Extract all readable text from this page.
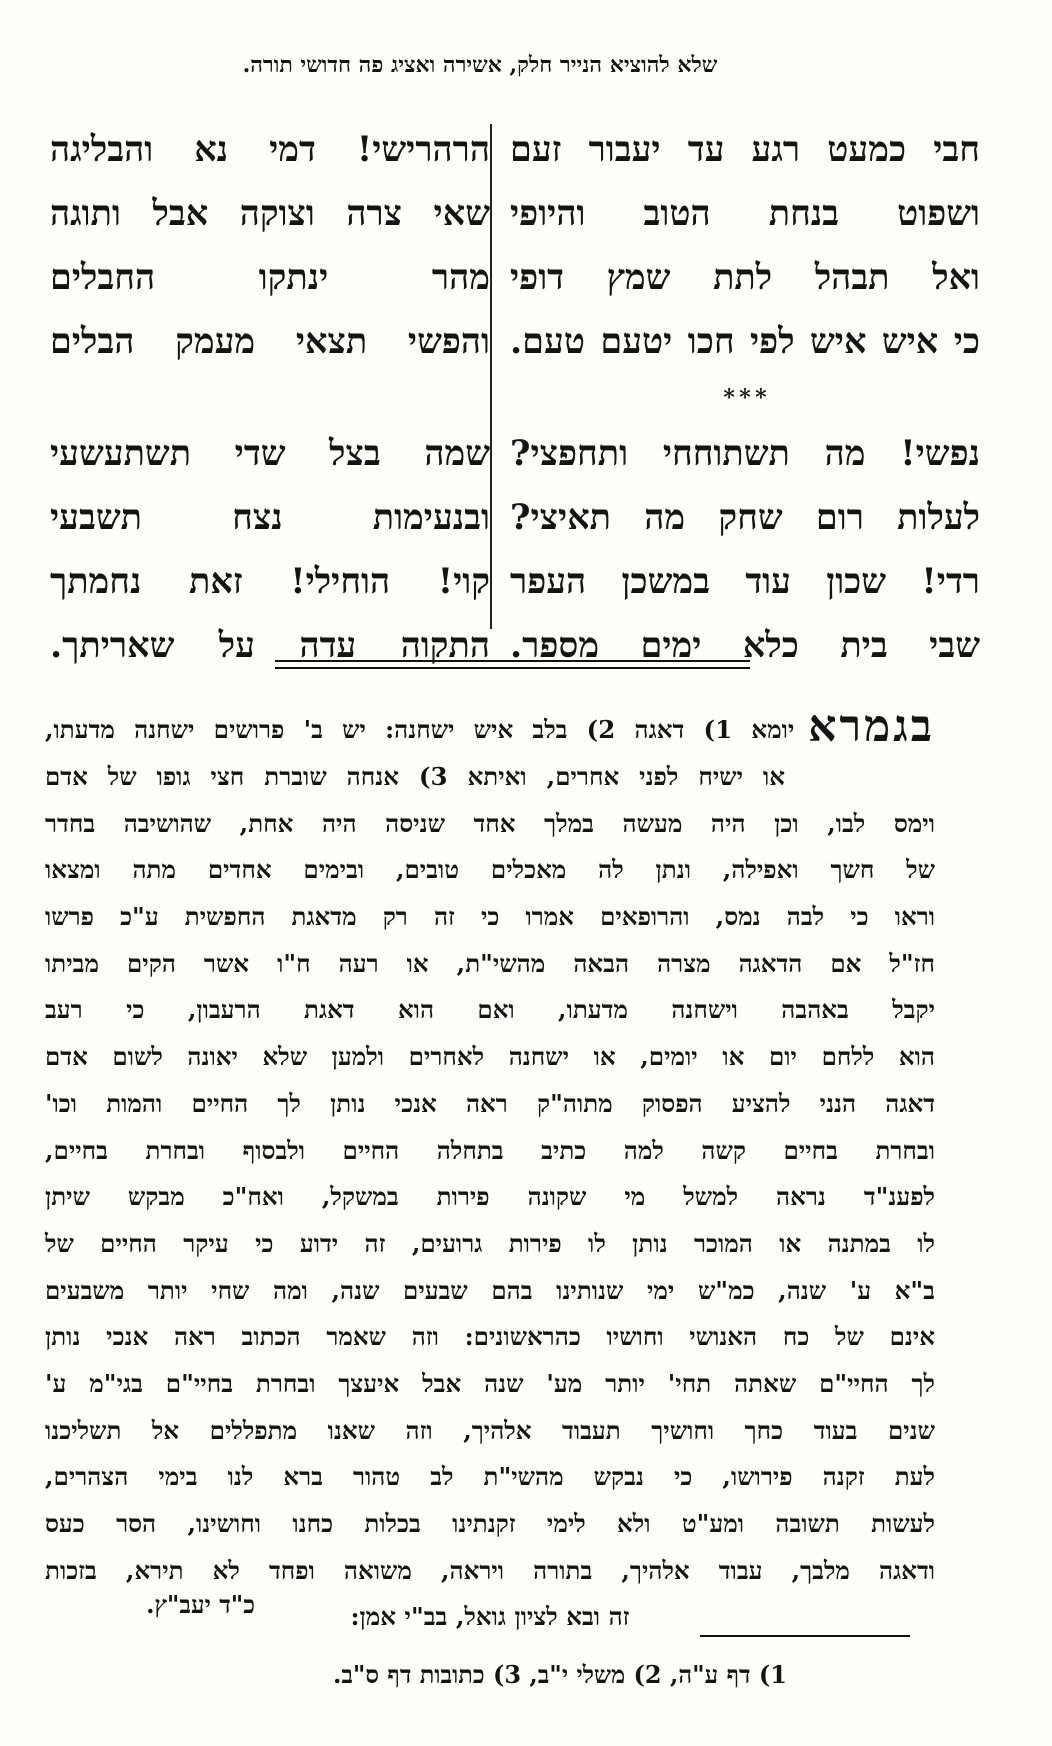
שלא להוציא הנייר חלק, אשירה ואציג פה חדושי תורה.
חבי כמעט רגע עד יעבור זעם
ושפוט בנחת הטוב והיופי
ואל תבהל לתת שמץ דופי
כי איש איש לפי חכו יטעם טעם.
* * *
נפשי! מה תשתוחחי ותחפצי?
לעלות רום שחק מה תאיצי?
רדי! שכון עוד במשכן העפר
שבי בית כלא ימים מספר.
הרהרישי! דמי נא והבליגה
שאי צרה וצוקה אבל ותוגה
מהר ינתקו החבלים
והפשי תצאי מעמק הבלים
שמה בצל שדי תשתעשעי
ובנעימות נצח תשבעי
קוי! הוחילי! זאת נחמתך
התקוה עדה על שאריתך.
בגמראיומא 1) דאגה 2) בלב איש ישחנה: יש ב' פרושים ישחנה מדעתו,
או ישיח לפני אחרים, ואיתא 3) אנחה שוברת חצי גופו של אדם
וימס לבו, וכן היה מעשה במלך אחד שניסה היה אחת, שהושיבה בחדר
של חשך ואפילה, ונתן לה מאכלים טובים, ובימים אחדים מתה ומצאו
וראו כי לבה נמס, והרופאים אמרו כי זה רק מדאגת החפשית ע"כ פרשו
חז"ל אם הדאגה מצרה הבאה מהשי"ת, או רעה ח"ו אשר הקים מביתו
יקבל באהבה וישחנה מדעתו, ואם הוא דאגת הרעבון, כי רעב
הוא ללחם יום או יומים, או ישחנה לאחרים ולמען שלא יאונה לשום אדם
דאגה הנני להציע הפסוק מתוה"ק ראה אנכי נותן לך החיים והמות וכו'
ובחרת בחיים קשה למה כתיב בתחלה החיים ולבסוף ובחרת בחיים,
לפענ"ד נראה למשל מי שקונה פירות במשקל, ואח"כ מבקש שיתן
לו במתנה או המוכר נותן לו פירות גרועים, זה ידוע כי עיקר החיים של
ב"א ע' שנה, כמ"ש ימי שנותינו בהם שבעים שנה, ומה שחי יותר משבעים
אינם של כח האנושי וחושיו כהראשונים: וזה שאמר הכתוב ראה אנכי נותן
לך החיי"ם שאתה תחי' יותר מע' שנה אבל איעצך ובחרת בחיי"ם בגי"מ ע'
שנים בעוד כחך וחושיך תעבוד אלהיך, וזה שאנו מתפללים אל תשליכנו
לעת זקנה פירושו, כי נבקש מהשי"ת לב טהור ברא לנו בימי הצהרים,
לעשות תשובה ומע"ט ולא לימי זקנתינו בכלות כחנו וחושינו, הסר כעס
ודאגה מלבך, עבוד אלהיך, בתורה ויראה, משואה ופחד לא תירא, בזכות
זה ובא לציון גואל, בב"י אמן:
כ"ד יעב"ץ.
1) דף ע"ה, 2) משלי י"ב, 3) כתובות דף ס"ב.
